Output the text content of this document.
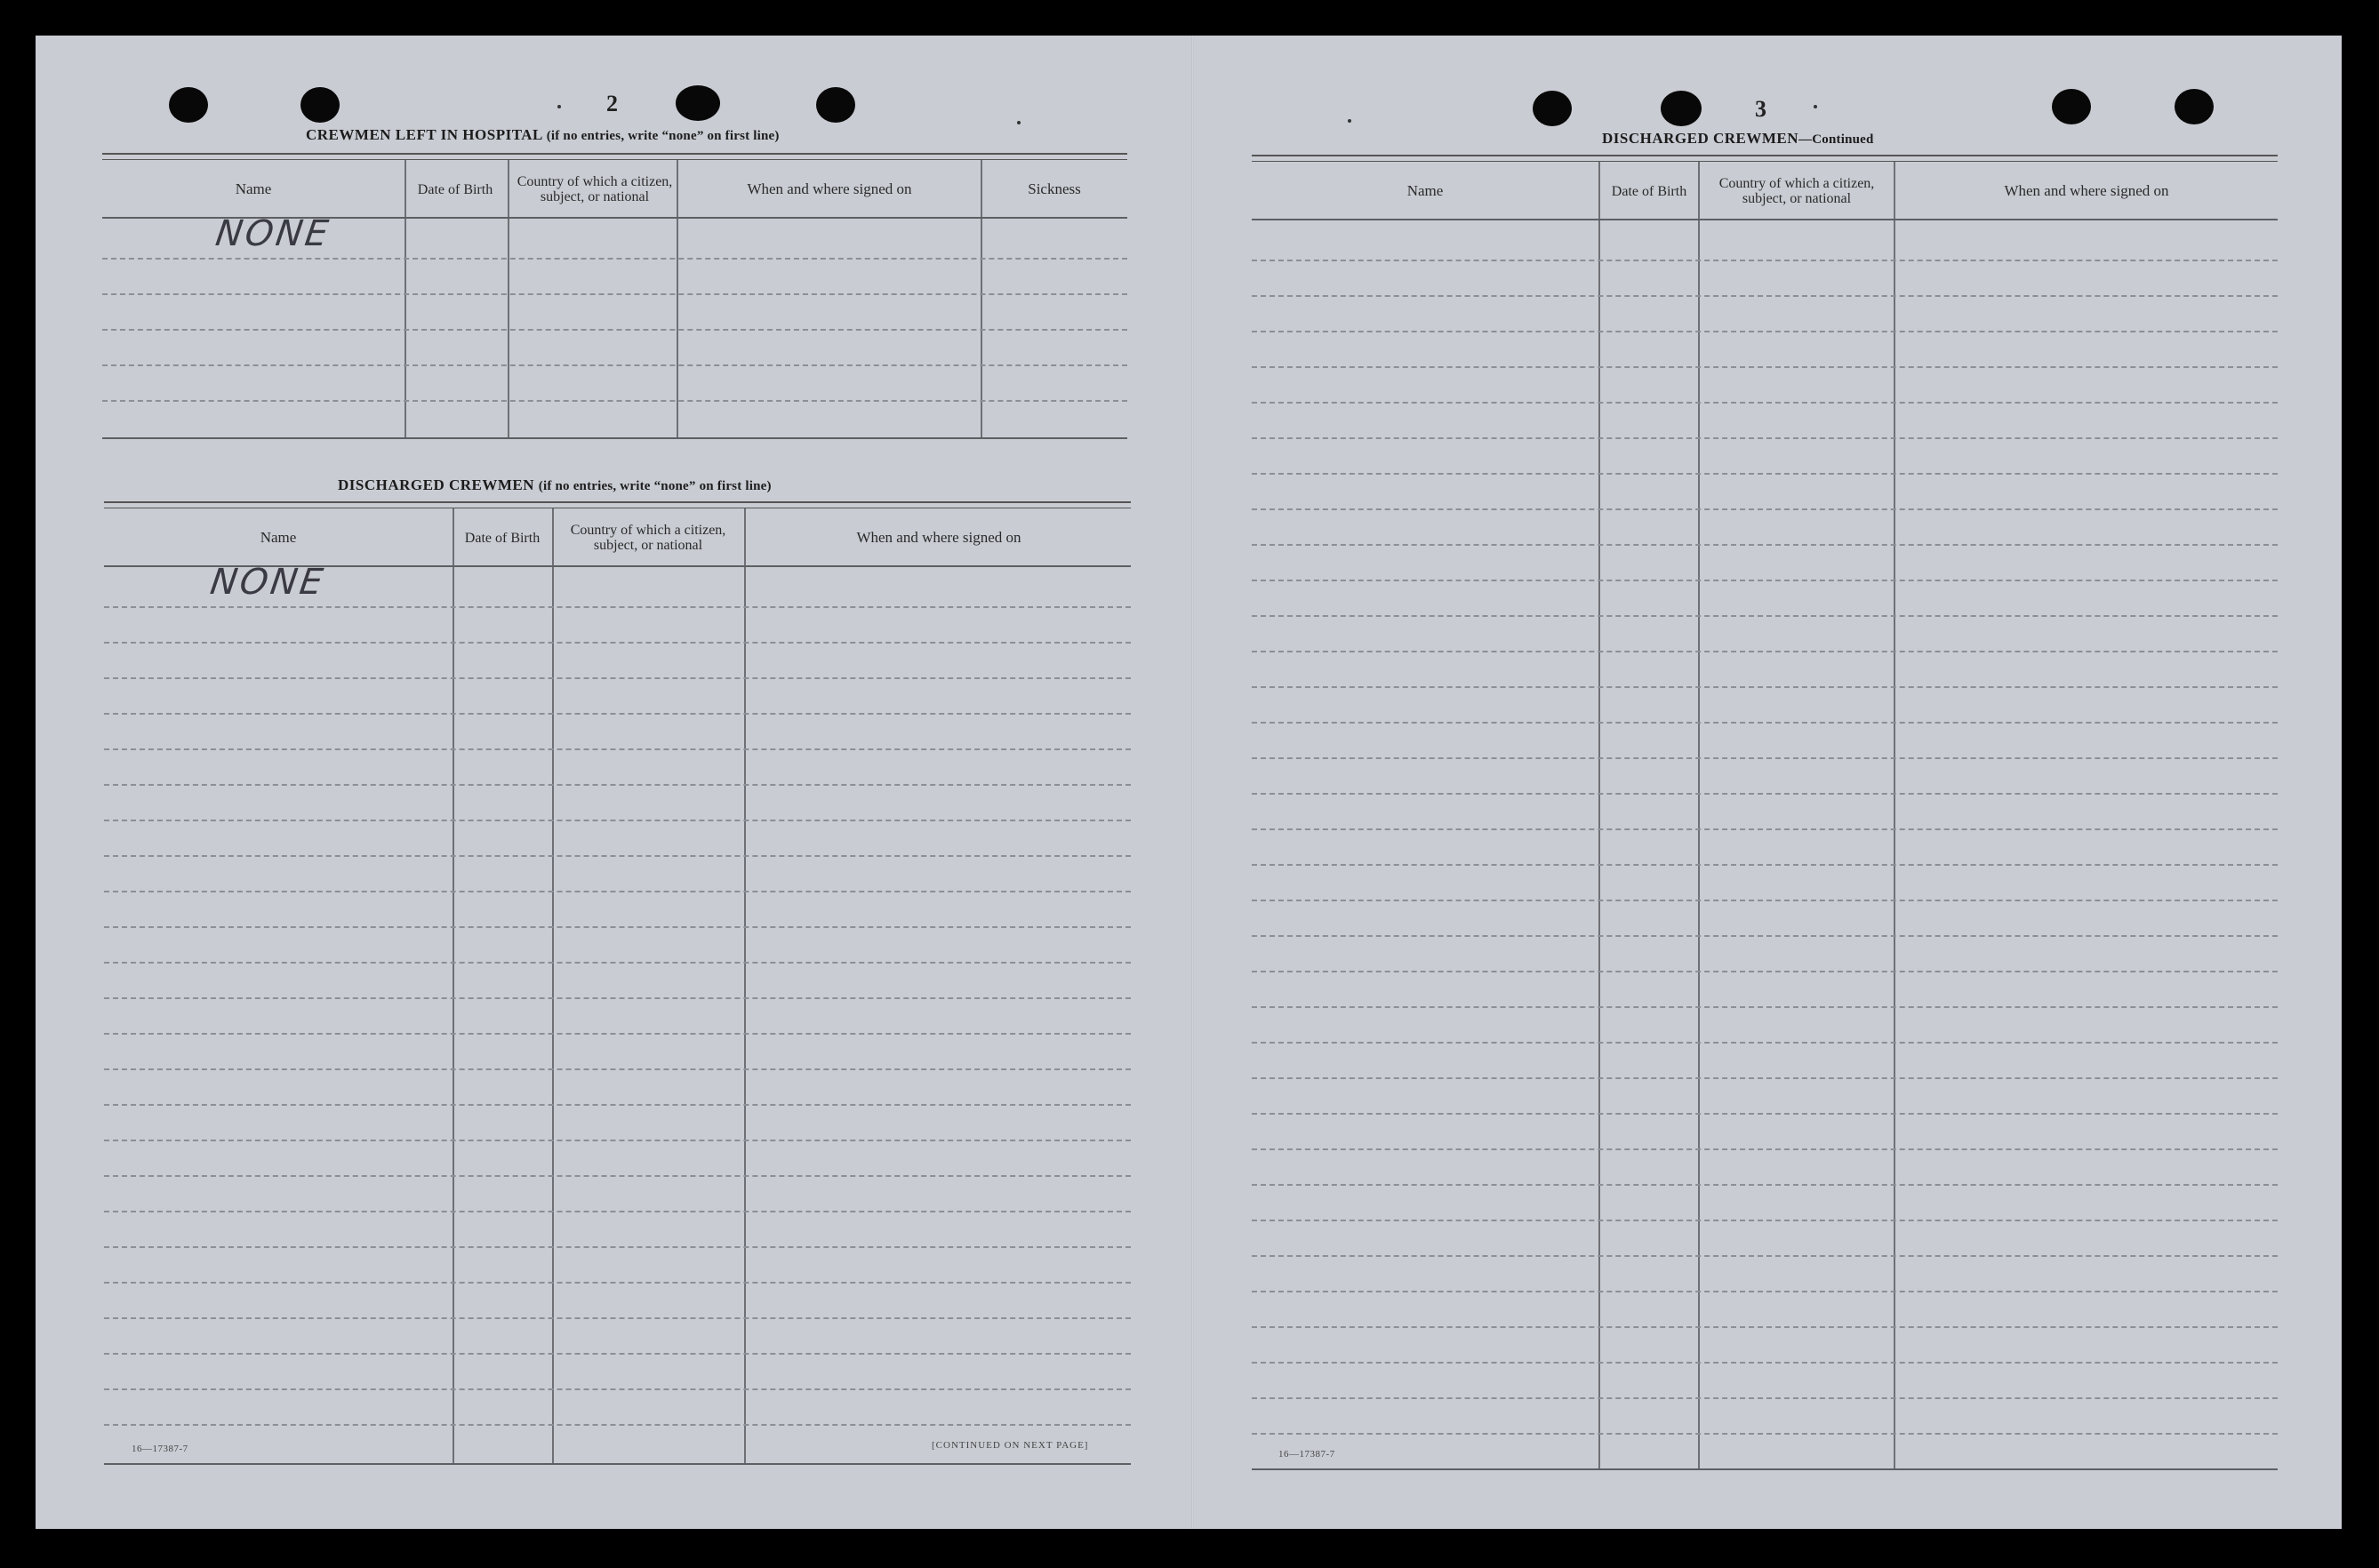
2
CREWMEN LEFT IN HOSPITAL (if no entries, write “none” on first line)
Name	Date of Birth	Country of which a citizen, subject, or national	When and where signed on	Sickness
NONE
DISCHARGED CREWMEN (if no entries, write “none” on first line)
Name	Date of Birth	Country of which a citizen, subject, or national	When and where signed on
NONE
16—17387-7	[CONTINUED ON NEXT PAGE]
3
DISCHARGED CREWMEN—Continued
Name	Date of Birth	Country of which a citizen, subject, or national	When and where signed on
16—17387-7
